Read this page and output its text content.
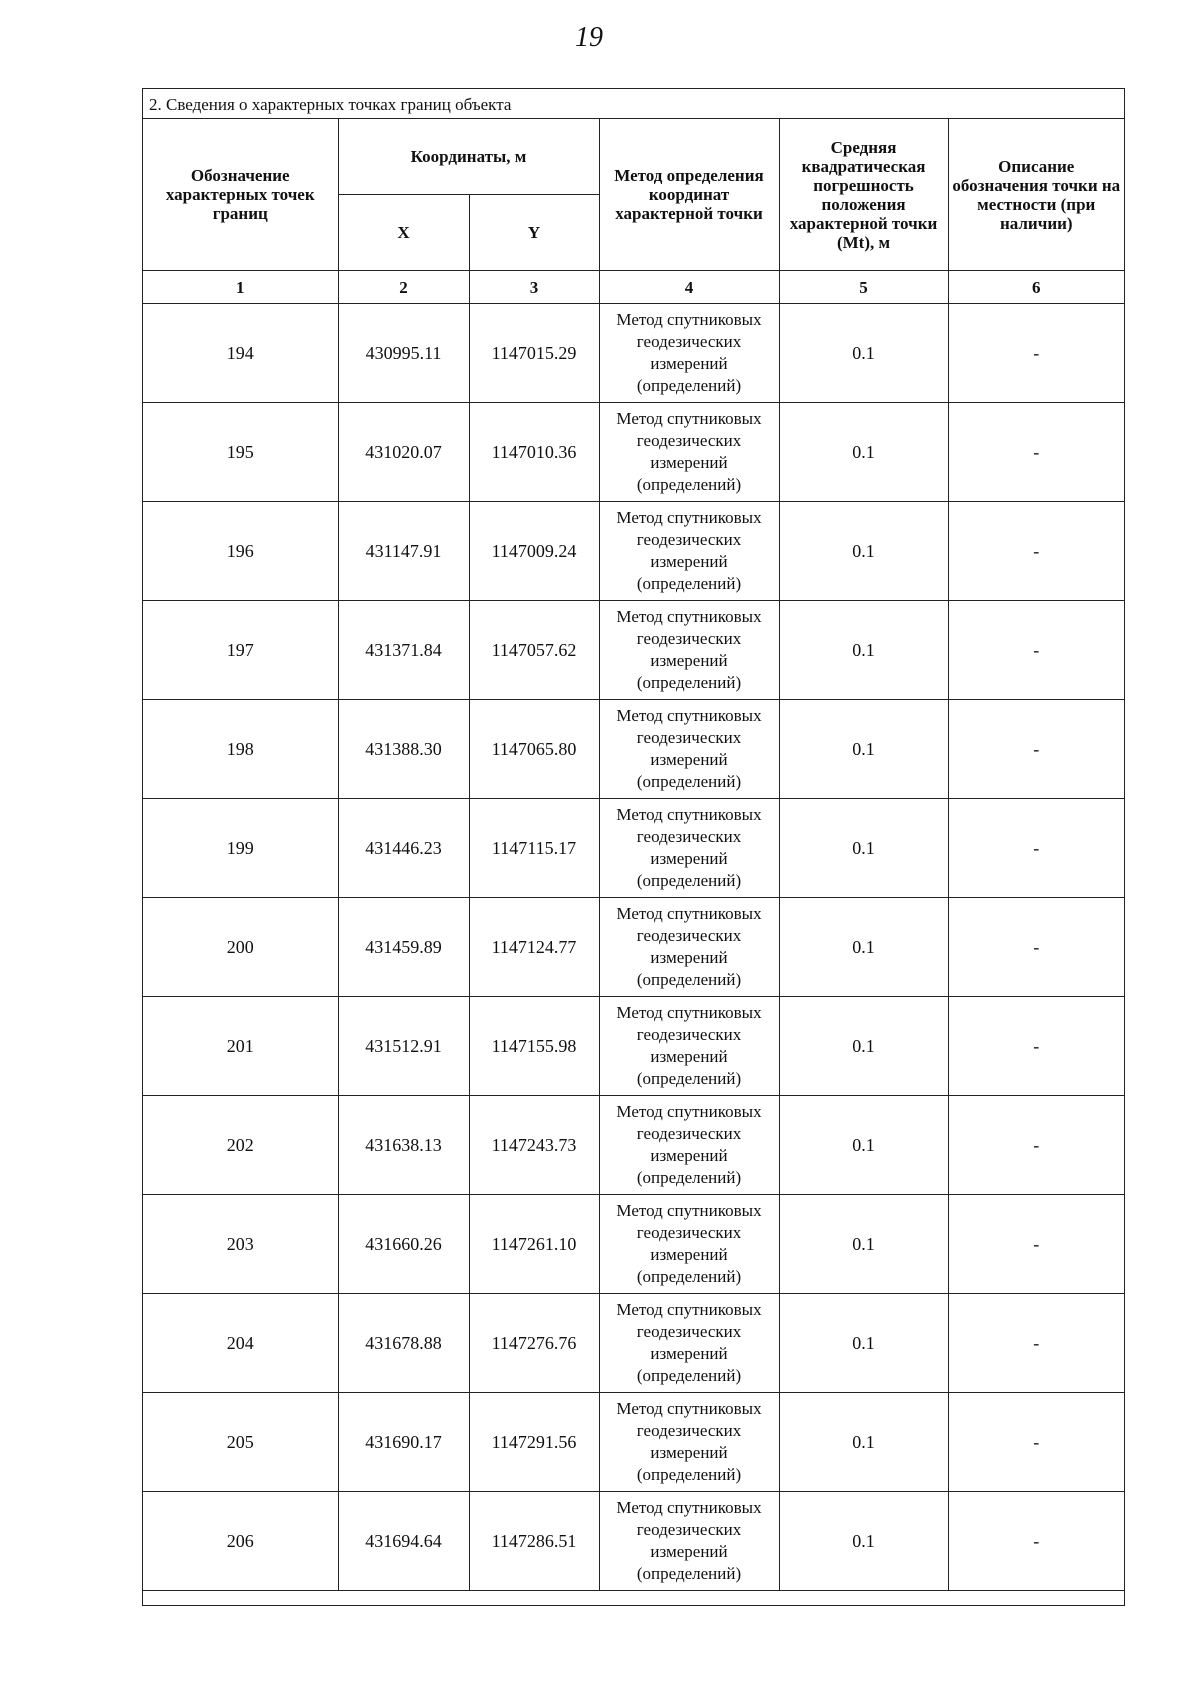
19
2. Сведения о характерных точках границ объекта
Обозначение характерных точек границ	Координаты, м		Метод определения координат характерной точки	Средняя квадратическая погрешность положения характерной точки (Mt), м	Описание обозначения точки на местности (при наличии)
	X	Y			
1	2	3	4	5	6
194	430995.11	1147015.29	Метод спутниковых геодезических измерений (определений)	0.1	-
195	431020.07	1147010.36	Метод спутниковых геодезических измерений (определений)	0.1	-
196	431147.91	1147009.24	Метод спутниковых геодезических измерений (определений)	0.1	-
197	431371.84	1147057.62	Метод спутниковых геодезических измерений (определений)	0.1	-
198	431388.30	1147065.80	Метод спутниковых геодезических измерений (определений)	0.1	-
199	431446.23	1147115.17	Метод спутниковых геодезических измерений (определений)	0.1	-
200	431459.89	1147124.77	Метод спутниковых геодезических измерений (определений)	0.1	-
201	431512.91	1147155.98	Метод спутниковых геодезических измерений (определений)	0.1	-
202	431638.13	1147243.73	Метод спутниковых геодезических измерений (определений)	0.1	-
203	431660.26	1147261.10	Метод спутниковых геодезических измерений (определений)	0.1	-
204	431678.88	1147276.76	Метод спутниковых геодезических измерений (определений)	0.1	-
205	431690.17	1147291.56	Метод спутниковых геодезических измерений (определений)	0.1	-
206	431694.64	1147286.51	Метод спутниковых геодезических измерений (определений)	0.1	-
